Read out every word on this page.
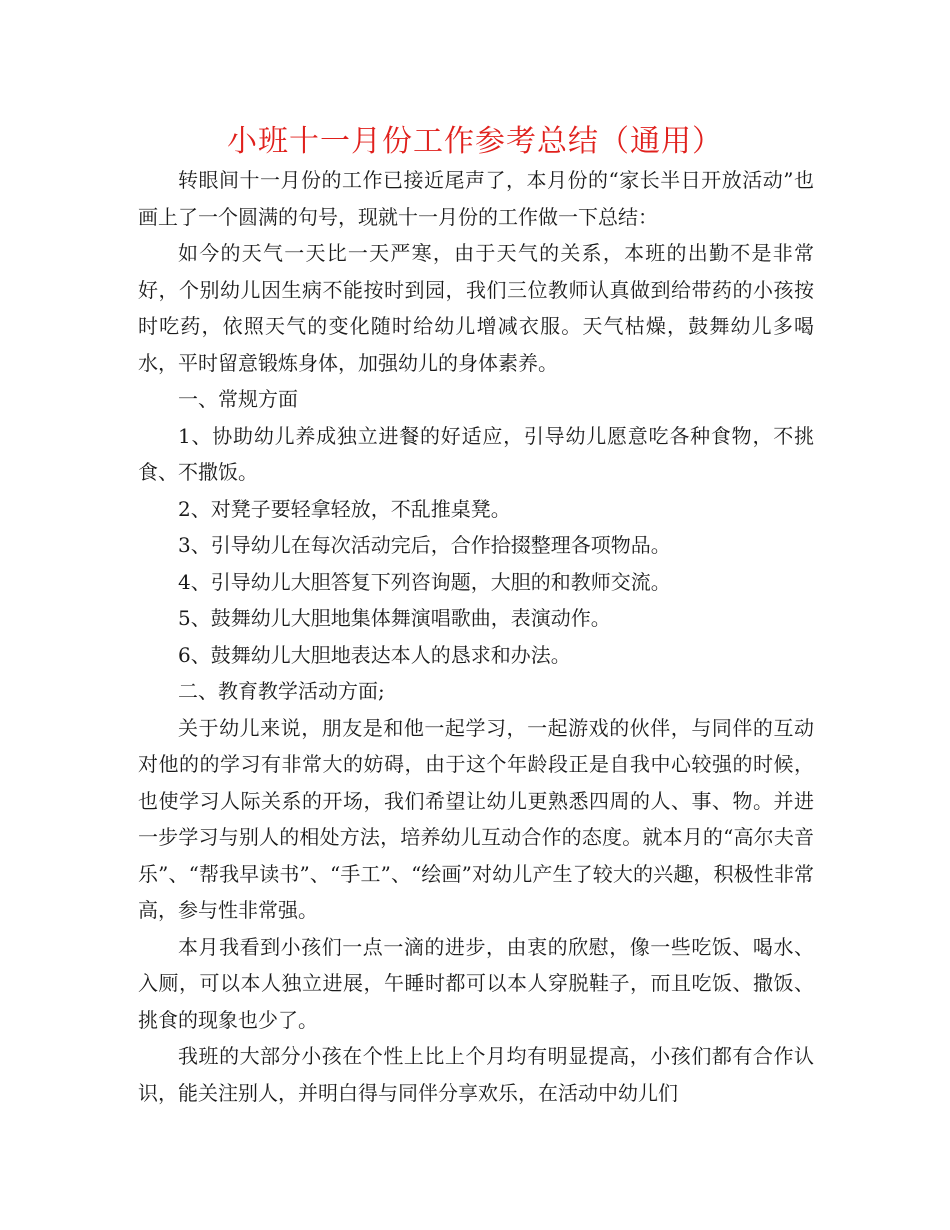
小班十一月份工作参考总结（通用）

转眼间十一月份的工作已接近尾声了，本月份的“家长半日开放活动”也画上了一个圆满的句号，现就十一月份的工作做一下总结：

如今的天气一天比一天严寒，由于天气的关系，本班的出勤不是非常好，个别幼儿因生病不能按时到园，我们三位教师认真做到给带药的小孩按时吃药，依照天气的变化随时给幼儿增减衣服。天气枯燥，鼓舞幼儿多喝水，平时留意锻炼身体，加强幼儿的身体素养。

一、常规方面

1、协助幼儿养成独立进餐的好适应，引导幼儿愿意吃各种食物，不挑食、不撒饭。

2、对凳子要轻拿轻放，不乱推桌凳。

3、引导幼儿在每次活动完后，合作拾掇整理各项物品。

4、引导幼儿大胆答复下列咨询题，大胆的和教师交流。

5、鼓舞幼儿大胆地集体舞演唱歌曲，表演动作。

6、鼓舞幼儿大胆地表达本人的恳求和办法。

二、教育教学活动方面;

关于幼儿来说，朋友是和他一起学习，一起游戏的伙伴，与同伴的互动对他的的学习有非常大的妨碍，由于这个年龄段正是自我中心较强的时候，也使学习人际关系的开场，我们希望让幼儿更熟悉四周的人、事、物。并进一步学习与别人的相处方法，培养幼儿互动合作的态度。就本月的“高尔夫音乐”、“帮我早读书”、“手工”、“绘画”对幼儿产生了较大的兴趣，积极性非常高，参与性非常强。

本月我看到小孩们一点一滴的进步，由衷的欣慰，像一些吃饭、喝水、入厕，可以本人独立进展，午睡时都可以本人穿脱鞋子，而且吃饭、撒饭、挑食的现象也少了。

我班的大部分小孩在个性上比上个月均有明显提高，小孩们都有合作认识，能关注别人，并明白得与同伴分享欢乐，在活动中幼儿们
